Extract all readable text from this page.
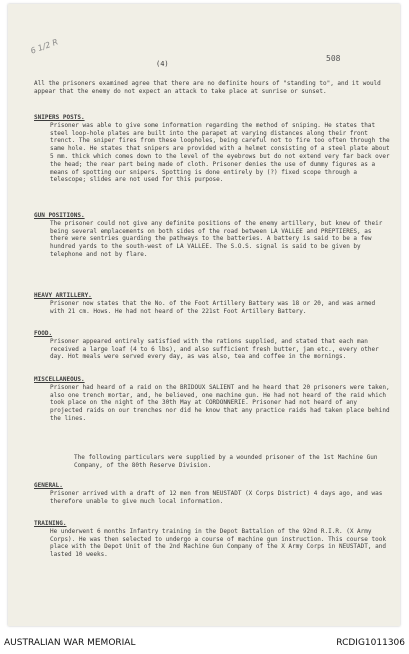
6 1/2 R
(4)
508
All the prisoners examined agree that there are no definite hours of "standing to", and it would appear that the enemy do not expect an attack to take place at sunrise or sunset.
SNIPERS POSTS.
Prisoner was able to give some information regarding the method of sniping. He states that steel loop-hole plates are built into the parapet at varying distances along their front trenct. The sniper fires from these loopholes, being careful not to fire too often through the same hole. He states that snipers are provided with a helmet consisting of a steel plate about 5 mm. thick which comes down to the level of the eyebrows but do not extend very far back over the head; the rear part being made of cloth. Prisoner denies the use of dummy figures as a means of spotting our snipers. Spotting is done entirely by (?) fixed scope through a telescope; slides are not used for this purpose.
GUN POSITIONS.
The prisoner could not give any definite positions of the enemy artillery, but knew of their being several emplacements on both sides of the road between LA VALLEE and PREPTIERES, as there were sentries guarding the pathways to the batteries. A battery is said to be a few hundred yards to the south-west of LA VALLEE. The S.O.S. signal is said to be given by telephone and not by flare.
HEAVY ARTILLERY.
Prisoner now states that the No. of the Foot Artillery Battery was 18 or 20, and was armed with 21 cm. Hows. He had not heard of the 221st Foot Artillery Battery.
FOOD.
Prisoner appeared entirely satisfied with the rations supplied, and stated that each man received a large loaf (4 to 6 lbs), and also sufficient fresh butter, jam etc., every other day. Hot meals were served every day, as was also, tea and coffee in the mornings.
MISCELLANEOUS.
Prisoner had heard of a raid on the BRIDOUX SALIENT and he heard that 20 prisoners were taken, also one trench mortar, and, he believed, one machine gun. He had not heard of the raid which took place on the night of the 30th May at CORDONNERIE. Prisoner had not heard of any projected raids on our trenches nor did he know that any practice raids had taken place behind the lines.
The following particulars were supplied by a wounded prisoner of the 1st Machine Gun Company, of the 80th Reserve Division.
GENERAL.
Prisoner arrived with a draft of 12 men from NEUSTADT (X Corps District) 4 days ago, and was therefore unable to give much local information.
TRAINING.
He underwent 6 months Infantry training in the Depot Battalion of the 92nd R.I.R. (X Army Corps). He was then selected to undergo a course of machine gun instruction. This course took place with the Depot Unit of the 2nd Machine Gun Company of the X Army Corps in NEUSTADT, and lasted 10 weeks.
AUSTRALIAN WAR MEMORIAL	RCDIG1011306
